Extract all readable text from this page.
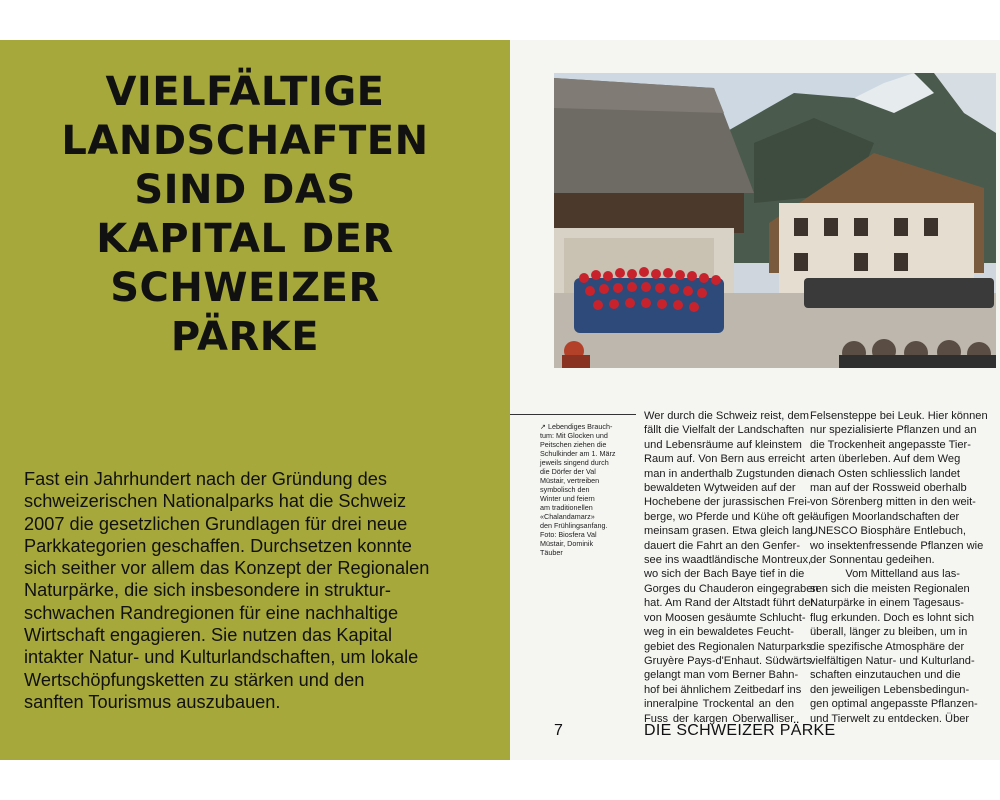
VIELFÄLTIGE
LANDSCHAFTEN
SIND DAS
KAPITAL DER
SCHWEIZER
PÄRKE

Fast ein Jahrhundert nach der Gründung des
schweizerischen Nationalparks hat die Schweiz
2007 die gesetzlichen Grundlagen für drei neue
Parkkategorien geschaffen. Durchsetzen konnte
sich seither vor allem das Konzept der Regionalen
Naturpärke, die sich insbesondere in struktur-
schwachen Randregionen für eine nachhaltige
Wirtschaft engagieren. Sie nutzen das Kapital
intakter Natur- und Kulturlandschaften, um lokale
Wertschöpfungsketten zu stärken und den
sanften Tourismus auszubauen.

↗ Lebendiges Brauch-
tum: Mit Glocken und
Peitschen ziehen die
Schulkinder am 1. März
jeweils singend durch
die Dörfer der Val
Müstair, vertreiben
symbolisch den
Winter und feiern
am traditionellen
«Chalandamarz»
den Frühlingsanfang.
Foto: Biosfera Val
Müstair, Dominik
Täuber
Wer durch die Schweiz reist, dem
fällt die Vielfalt der Landschaften
und Lebensräume auf kleinstem
Raum auf. Von Bern aus erreicht
man in anderthalb Zugstunden die
bewaldeten Wytweiden auf der
Hochebene der jurassischen Frei-
berge, wo Pferde und Kühe oft ge-
meinsam grasen. Etwa gleich lang
dauert die Fahrt an den Genfer-
see ins waadtländische Montreux,
wo sich der Bach Baye tief in die
Gorges du Chauderon eingegraben
hat. Am Rand der Altstadt führt der
von Moosen gesäumte Schlucht-
weg in ein bewaldetes Feucht-
gebiet des Regionalen Naturparks
Gruyère Pays-d'Enhaut. Südwärts
gelangt man vom Berner Bahn-
hof bei ähnlichem Zeitbedarf ins
inneralpine Trockental an den
Fuss der kargen Oberwalliser
Felsensteppe bei Leuk. Hier können
nur spezialisierte Pflanzen und an
die Trockenheit angepasste Tier-
arten überleben. Auf dem Weg
nach Osten schliesslich landet
man auf der Rossweid oberhalb
von Sörenberg mitten in den weit-
läufigen Moorlandschaften der
UNESCO Biosphäre Entlebuch,
wo insektenfressende Pflanzen wie
der Sonnentau gedeihen.
Vom Mittelland aus las-
sen sich die meisten Regionalen
Naturpärke in einem Tagesaus-
flug erkunden. Doch es lohnt sich
überall, länger zu bleiben, um in
die spezifische Atmosphäre der
vielfältigen Natur- und Kulturland-
schaften einzutauchen und die
den jeweiligen Lebensbedingun-
gen optimal angepasste Pflanzen-
und Tierwelt zu entdecken. Über
7	DIE SCHWEIZER PÄRKE
